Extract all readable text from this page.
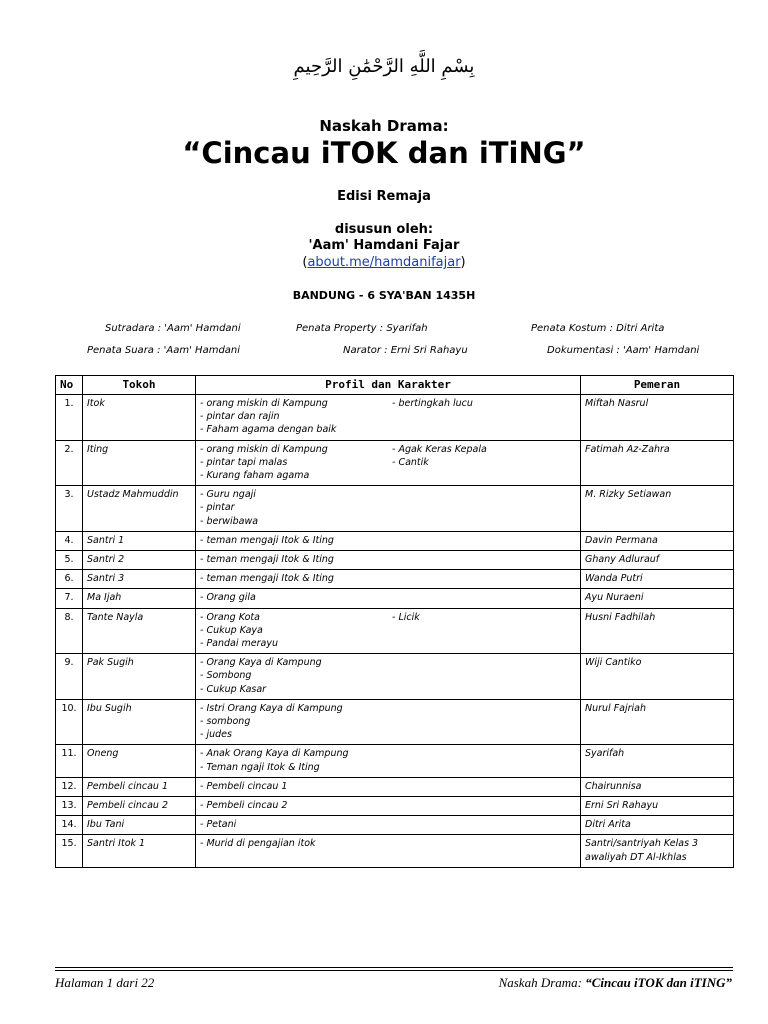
بِسْمِ اللَّهِ الرَّحْمَٰنِ الرَّحِيمِ
Naskah Drama:
“Cincau iTOK dan iTiNG”
Edisi Remaja
disusun oleh:
'Aam' Hamdani Fajar
(about.me/hamdanifajar)
BANDUNG - 6 SYA'BAN 1435H
Sutradara : 'Aam' Hamdani	Penata Property : Syarifah	Penata Kostum : Ditri Arita
Penata Suara : 'Aam' Hamdani	Narator : Erni Sri Rahayu	Dokumentasi : 'Aam' Hamdani
No	Tokoh	Profil dan Karakter	Pemeran
1.	Itok	- orang miskin di Kampung
- pintar dan rajin
- Faham agama dengan baik
- bertingkah lucu	Miftah Nasrul
2.	Iting	- orang miskin di Kampung
- pintar tapi malas
- Kurang faham agama
- Agak Keras Kepala
- Cantik	Fatimah Az-Zahra
3.	Ustadz Mahmuddin	- Guru ngaji
- pintar
- berwibawa	M. Rizky Setiawan
4.	Santri 1	- teman mengaji Itok & Iting	Davin Permana
5.	Santri 2	- teman mengaji Itok & Iting	Ghany Adlurauf
6.	Santri 3	- teman mengaji Itok & Iting	Wanda Putri
7.	Ma Ijah	- Orang gila	Ayu Nuraeni
8.	Tante Nayla	- Orang Kota
- Cukup Kaya
- Pandai merayu
- Licik	Husni Fadhilah
9.	Pak Sugih	- Orang Kaya di Kampung
- Sombong
- Cukup Kasar	Wiji Cantiko
10.	Ibu Sugih	- Istri Orang Kaya di Kampung
- sombong
- judes	Nurul Fajriah
11.	Oneng	- Anak Orang Kaya di Kampung
- Teman ngaji Itok & Iting	Syarifah
12.	Pembeli cincau 1	- Pembeli cincau 1	Chairunnisa
13.	Pembeli cincau 2	- Pembeli cincau 2	Erni Sri Rahayu
14.	Ibu Tani	- Petani	Ditri Arita
15.	Santri Itok 1	- Murid di pengajian itok	Santri/santriyah Kelas 3 awaliyah DT Al-Ikhlas
Halaman 1 dari 22	Naskah Drama: “Cincau iTOK dan iTING”
